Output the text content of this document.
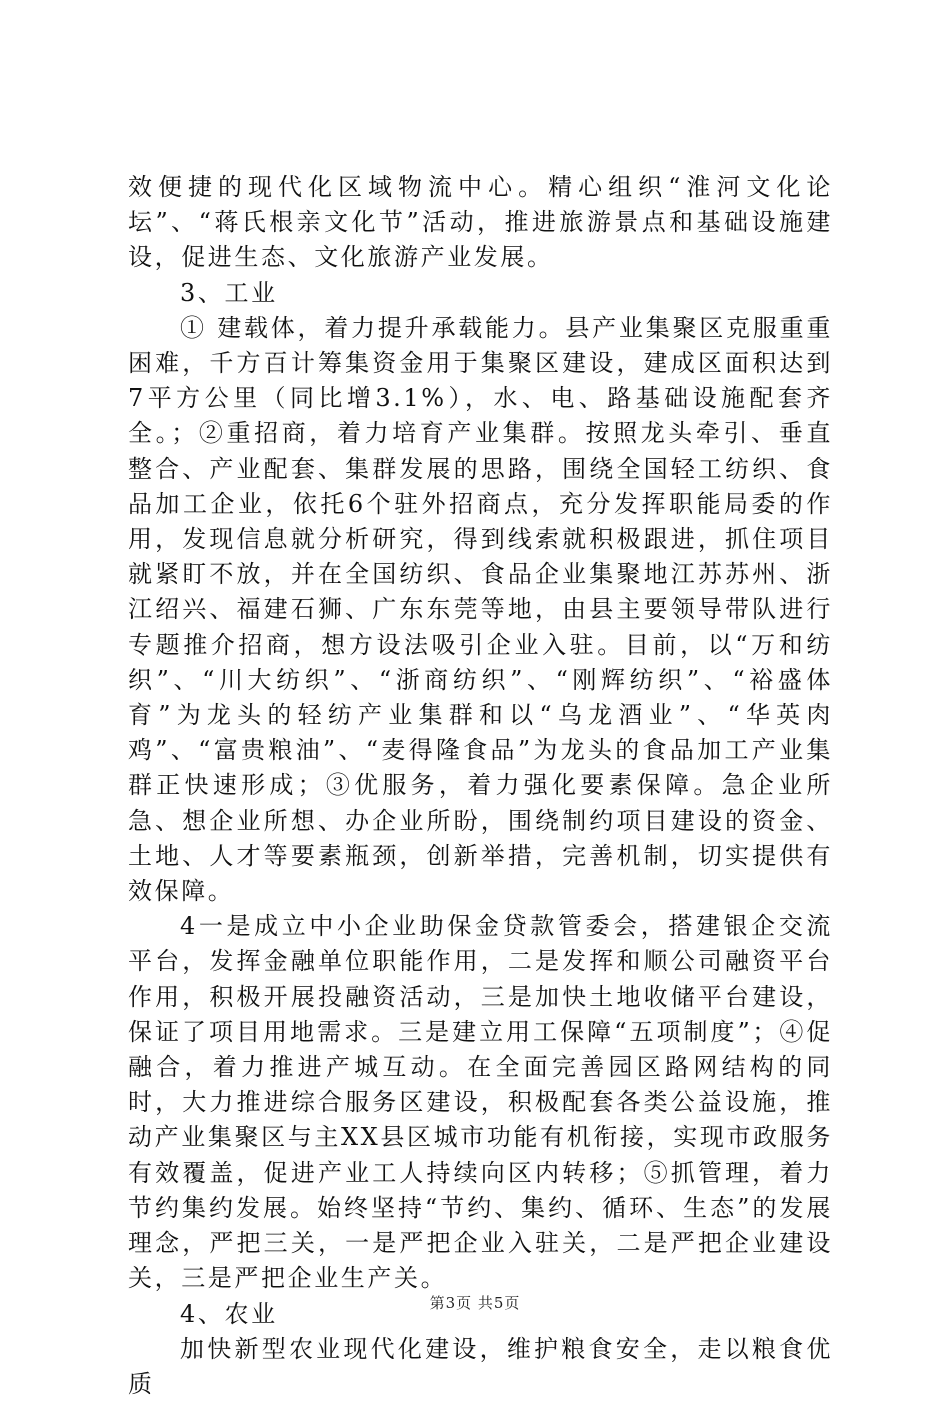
效便捷的现代化区域物流中心。精心组织“淮河文化论坛”、“蒋氏根亲文化节”活动，推进旅游景点和基础设施建设，促进生态、文化旅游产业发展。

3、工业

① 建载体，着力提升承载能力。县产业集聚区克服重重困难，千方百计筹集资金用于集聚区建设，建成区面积达到7平方公里（同比增3.1%），水、电、路基础设施配套齐全。；②重招商，着力培育产业集群。按照龙头牵引、垂直整合、产业配套、集群发展的思路，围绕全国轻工纺织、食品加工企业，依托6个驻外招商点，充分发挥职能局委的作用，发现信息就分析研究，得到线索就积极跟进，抓住项目就紧盯不放，并在全国纺织、食品企业集聚地江苏苏州、浙江绍兴、福建石狮、广东东莞等地，由县主要领导带队进行专题推介招商，想方设法吸引企业入驻。目前，以“万和纺织”、“川大纺织”、“浙商纺织”、“刚辉纺织”、“裕盛体育”为龙头的轻纺产业集群和以“乌龙酒业”、“华英肉鸡”、“富贵粮油”、“麦得隆食品”为龙头的食品加工产业集群正快速形成；③优服务，着力强化要素保障。急企业所急、想企业所想、办企业所盼，围绕制约项目建设的资金、土地、人才等要素瓶颈，创新举措，完善机制，切实提供有效保障。

4一是成立中小企业助保金贷款管委会，搭建银企交流平台，发挥金融单位职能作用，二是发挥和顺公司融资平台作用，积极开展投融资活动，三是加快土地收储平台建设，保证了项目用地需求。三是建立用工保障“五项制度”；④促融合，着力推进产城互动。在全面完善园区路网结构的同时，大力推进综合服务区建设，积极配套各类公益设施，推动产业集聚区与主XX县区城市功能有机衔接，实现市政服务有效覆盖，促进产业工人持续向区内转移；⑤抓管理，着力节约集约发展。始终坚持“节约、集约、循环、生态”的发展理念，严把三关，一是严把企业入驻关，二是严把企业建设关，三是严把企业生产关。

4、农业

加快新型农业现代化建设，维护粮食安全，走以粮食优质

第3页 共5页
